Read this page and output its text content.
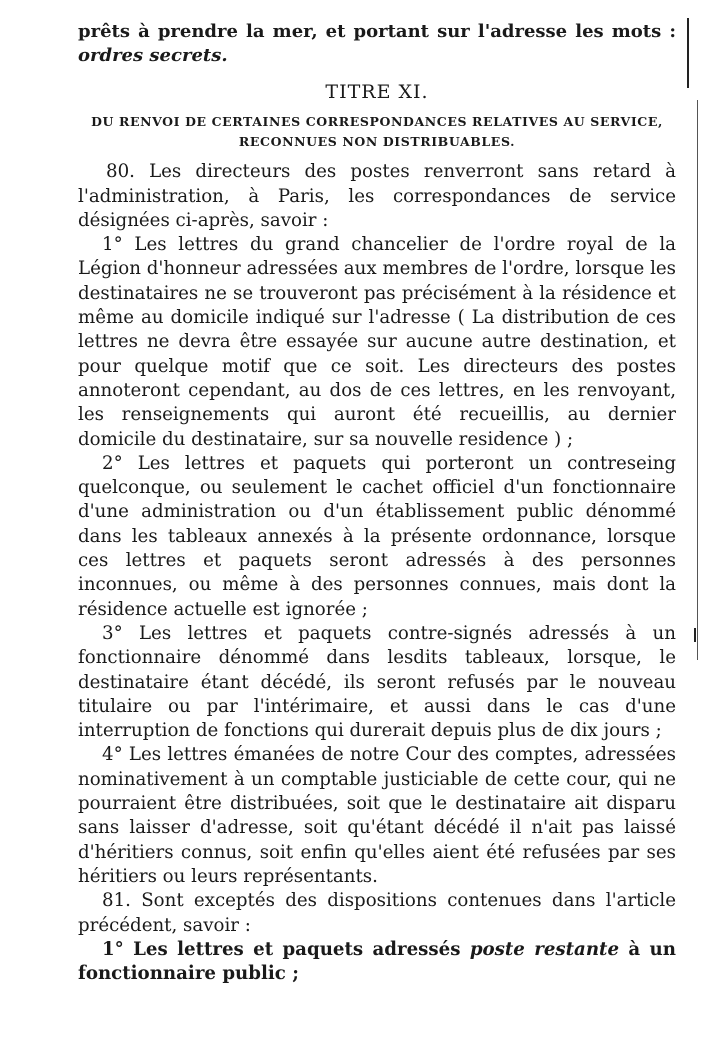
prêts à prendre la mer, et portant sur l'adresse les mots : ordres secrets.

TITRE XI.
DU RENVOI DE CERTAINES CORRESPONDANCES RELATIVES AU SERVICE,
RECONNUES NON DISTRIBUABLES.

80. Les directeurs des postes renverront sans retard à l'administration, à Paris, les correspondances de service désignées ci-après, savoir :

1° Les lettres du grand chancelier de l'ordre royal de la Légion d'honneur adressées aux membres de l'ordre, lorsque les destinataires ne se trouveront pas précisément à la résidence et même au domicile indiqué sur l'adresse ( La distribution de ces lettres ne devra être essayée sur aucune autre destination, et pour quelque motif que ce soit. Les directeurs des postes annoteront cependant, au dos de ces lettres, en les renvoyant, les renseignements qui auront été recueillis, au dernier domicile du destinataire, sur sa nouvelle residence ) ;

2° Les lettres et paquets qui porteront un contreseing quelconque, ou seulement le cachet officiel d'un fonctionnaire d'une administration ou d'un établissement public dénommé dans les tableaux annexés à la présente ordonnance, lorsque ces lettres et paquets seront adressés à des personnes inconnues, ou même à des personnes connues, mais dont la résidence actuelle est ignorée ;

3° Les lettres et paquets contre-signés adressés à un fonctionnaire dénommé dans lesdits tableaux, lorsque, le destinataire étant décédé, ils seront refusés par le nouveau titulaire ou par l'intérimaire, et aussi dans le cas d'une interruption de fonctions qui durerait depuis plus de dix jours ;

4° Les lettres émanées de notre Cour des comptes, adressées nominativement à un comptable justiciable de cette cour, qui ne pourraient être distribuées, soit que le destinataire ait disparu sans laisser d'adresse, soit qu'étant décédé il n'ait pas laissé d'héritiers connus, soit enfin qu'elles aient été refusées par ses héritiers ou leurs représentants.

81. Sont exceptés des dispositions contenues dans l'article précédent, savoir :

1° Les lettres et paquets adressés poste restante à un fonctionnaire public ;
